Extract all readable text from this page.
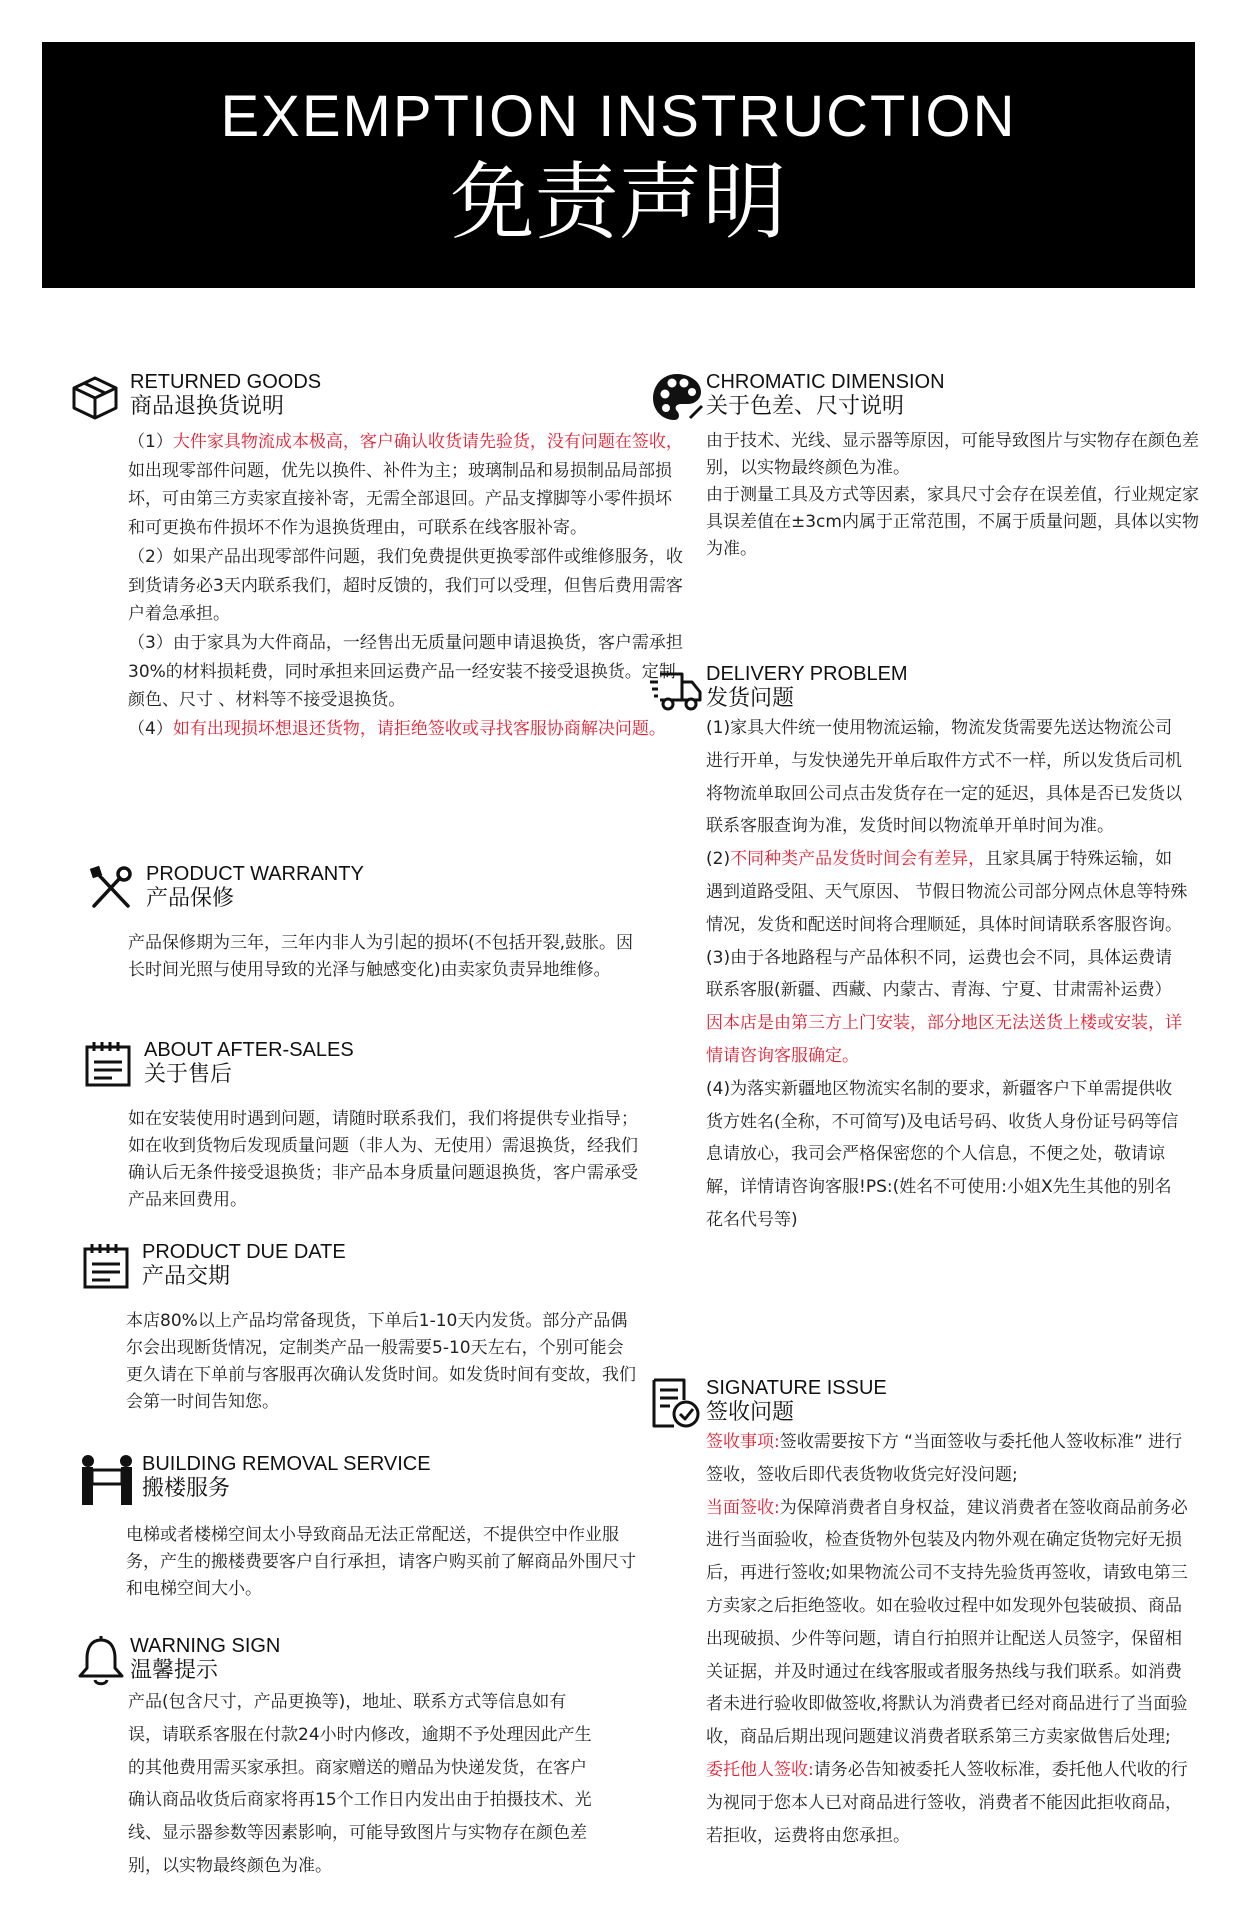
EXEMPTION INSTRUCTION
免责声明
RETURNED GOODS
商品退换货说明

（1）大件家具物流成本极高，客户确认收货请先验货，没有问题在签收，如出现零部件问题，优先以换件、补件为主；玻璃制品和易损制品局部损坏，可由第三方卖家直接补寄，无需全部退回。产品支撑脚等小零件损坏和可更换布件损坏不作为退换货理由，可联系在线客服补寄。

（2）如果产品出现零部件问题，我们免费提供更换零部件或维修服务，收到货请务必3天内联系我们，超时反馈的，我们可以受理，但售后费用需客户着急承担。

（3）由于家具为大件商品，一经售出无质量问题申请退换货，客户需承担30%的材料损耗费，同时承担来回运费产品一经安装不接受退换货。定制颜色、尺寸 、材料等不接受退换货。

（4）如有出现损坏想退还货物，请拒绝签收或寻找客服协商解决问题。

PRODUCT WARRANTY
产品保修

产品保修期为三年，三年内非人为引起的损坏(不包括开裂,鼓胀。因长时间光照与使用导致的光泽与触感变化)由卖家负责异地维修。

ABOUT AFTER-SALES
关于售后

如在安装使用时遇到问题，请随时联系我们，我们将提供专业指导；如在收到货物后发现质量问题（非人为、无使用）需退换货，经我们确认后无条件接受退换货；非产品本身质量问题退换货，客户需承受产品来回费用。

PRODUCT DUE DATE
产品交期

本店80%以上产品均常备现货，下单后1-10天内发货。部分产品偶尔会出现断货情况，定制类产品一般需要5-10天左右，个别可能会更久请在下单前与客服再次确认发货时间。如发货时间有变故，我们会第一时间告知您。

BUILDING REMOVAL SERVICE
搬楼服务

电梯或者楼梯空间太小导致商品无法正常配送，不提供空中作业服务，产生的搬楼费要客户自行承担，请客户购买前了解商品外围尺寸和电梯空间大小。

WARNING SIGN
温馨提示

产品(包含尺寸，产品更换等)，地址、联系方式等信息如有误，请联系客服在付款24小时内修改，逾期不予处理因此产生的其他费用需买家承担。商家赠送的赠品为快递发货，在客户确认商品收货后商家将再15个工作日内发出由于拍摄技术、光线、显示器参数等因素影响，可能导致图片与实物存在颜色差别，以实物最终颜色为准。

CHROMATIC DIMENSION
关于色差、尺寸说明

由于技术、光线、显示器等原因，可能导致图片与实物存在颜色差别，以实物最终颜色为准。

由于测量工具及方式等因素，家具尺寸会存在误差值，行业规定家具误差值在±3cm内属于正常范围，不属于质量问题，具体以实物为准。

DELIVERY PROBLEM
发货问题

(1)家具大件统一使用物流运输，物流发货需要先送达物流公司进行开单，与发快递先开单后取件方式不一样，所以发货后司机将物流单取回公司点击发货存在一定的延迟，具体是否已发货以联系客服查询为准，发货时间以物流单开单时间为准。

(2)不同种类产品发货时间会有差异，且家具属于特殊运输，如遇到道路受阻、天气原因、 节假日物流公司部分网点休息等特殊情况，发货和配送时间将合理顺延，具体时间请联系客服咨询。

(3)由于各地路程与产品体积不同，运费也会不同，具体运费请联系客服(新疆、西藏、内蒙古、青海、宁夏、甘肃需补运费）因本店是由第三方上门安装，部分地区无法送货上楼或安装，详情请咨询客服确定。

(4)为落实新疆地区物流实名制的要求，新疆客户下单需提供收货方姓名(全称，不可简写)及电话号码、收货人身份证号码等信息请放心，我司会严格保密您的个人信息，不便之处，敬请谅解，详情请咨询客服!PS:(姓名不可使用:小姐X先生其他的别名花名代号等)

SIGNATURE ISSUE
签收问题

签收事项:签收需要按下方 “当面签收与委托他人签收标准” 进行签收，签收后即代表货物收货完好没问题;

当面签收:为保障消费者自身权益，建议消费者在签收商品前务必进行当面验收，检查货物外包装及内物外观在确定货物完好无损后，再进行签收;如果物流公司不支持先验货再签收，请致电第三方卖家之后拒绝签收。如在验收过程中如发现外包装破损、商品出现破损、少件等问题，请自行拍照并让配送人员签字，保留相关证据，并及时通过在线客服或者服务热线与我们联系。如消费者未进行验收即做签收,将默认为消费者已经对商品进行了当面验收，商品后期出现问题建议消费者联系第三方卖家做售后处理;

委托他人签收:请务必告知被委托人签收标准，委托他人代收的行为视同于您本人已对商品进行签收，消费者不能因此拒收商品，若拒收，运费将由您承担。
